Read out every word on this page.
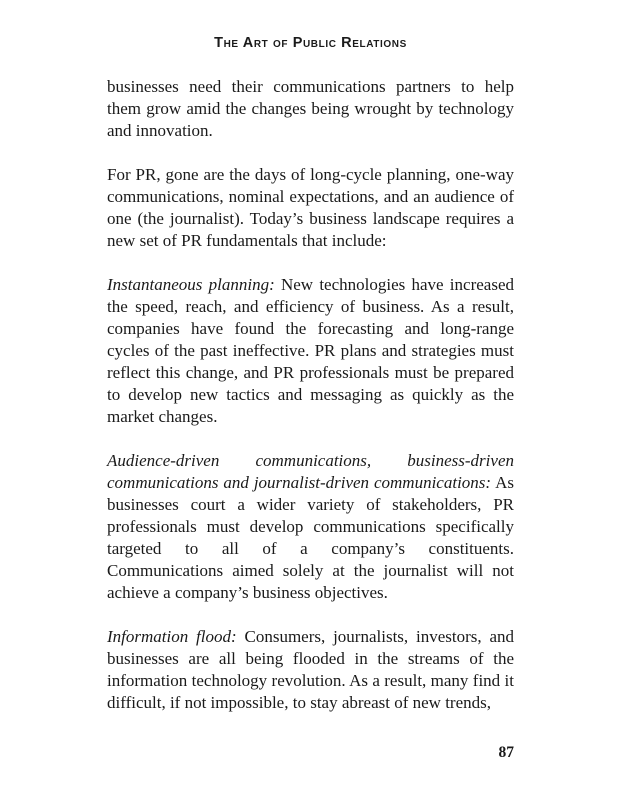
The Art of Public Relations

businesses need their communications partners to help them grow amid the changes being wrought by technology and innovation.

For PR, gone are the days of long-cycle planning, one-way communications, nominal expectations, and an audience of one (the journalist). Today’s business landscape requires a new set of PR fundamentals that include:

Instantaneous planning: New technologies have increased the speed, reach, and efficiency of business. As a result, companies have found the forecasting and long-range cycles of the past ineffective. PR plans and strategies must reflect this change, and PR professionals must be prepared to develop new tactics and messaging as quickly as the market changes.

Audience-driven communications, business-driven communications and journalist-driven communications: As businesses court a wider variety of stakeholders, PR professionals must develop communications specifically targeted to all of a company’s constituents. Communications aimed solely at the journalist will not achieve a company’s business objectives.

Information flood: Consumers, journalists, investors, and businesses are all being flooded in the streams of the information technology revolution. As a result, many find it difficult, if not impossible, to stay abreast of new trends,

87
